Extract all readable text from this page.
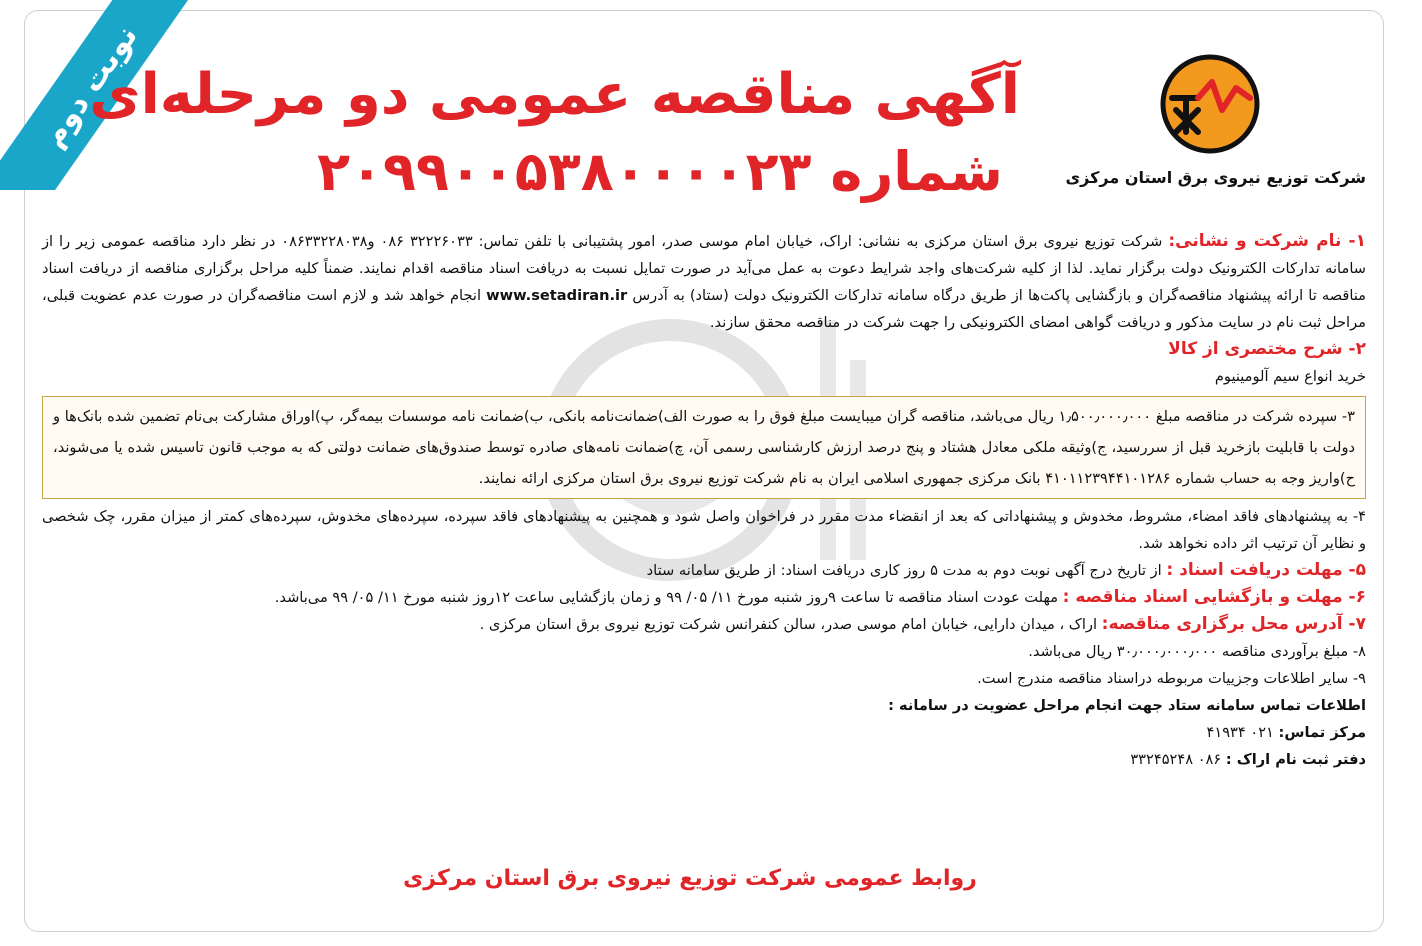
نوبت دوم
شرکت توزیع نیروی برق استان مرکزی
آگهی مناقصه عمومی دو مرحله‌ای
شماره ۲۰۹۹۰۰۵۳۸۰۰۰۰۲۳

۱- نام شرکت و نشانی: شرکت توزیع نیروی برق استان مرکزی به نشانی: اراک، خیابان امام موسی صدر، امور پشتیبانی با تلفن تماس: ۳۲۲۲۶۰۳۳ ۰۸۶ و۰۸۶۳۳۲۲۸۰۳۸ در نظر دارد مناقصه عمومی زیر را از سامانه تدارکات الکترونیک دولت برگزار نماید. لذا از کلیه شرکت‌های واجد شرایط دعوت به عمل می‌آید در صورت تمایل نسبت به دریافت اسناد مناقصه اقدام نمایند. ضمناً کلیه مراحل برگزاری مناقصه از دریافت اسناد مناقصه تا ارائه پیشنهاد مناقصه‌گران و بازگشایی پاکت‌ها از طریق درگاه سامانه تدارکات الکترونیک دولت (ستاد) به آدرس www.setadiran.ir انجام خواهد شد و لازم است مناقصه‌گران در صورت عدم عضویت قبلی، مراحل ثبت نام در سایت مذکور و دریافت گواهی امضای الکترونیکی را جهت شرکت در مناقصه محقق سازند.

۲- شرح مختصری از کالا

خرید انواع سیم آلومینیوم

۳- سپرده شرکت در مناقصه مبلغ ۱٫۵۰۰٫۰۰۰٫۰۰۰ ریال می‌باشد، مناقصه گران میبایست مبلغ فوق را به صورت الف)ضمانت‌نامه بانکی، ب)ضمانت نامه موسسات بیمه‌گر، پ)اوراق مشارکت بی‌نام تضمین شده بانک‌ها و دولت با قابلیت بازخرید قبل از سررسید، ج)وثیقه ملکی معادل هشتاد و پنج درصد ارزش کارشناسی رسمی آن، چ)ضمانت نامه‌های صادره توسط صندوق‌های ضمانت دولتی که به موجب قانون تاسیس شده یا می‌شوند، ح)واریز وجه به حساب شماره ۴۱۰۱۱۲۳۹۴۴۱۰۱۲۸۶ بانک مرکزی جمهوری اسلامی ایران به نام شرکت توزیع نیروی برق استان مرکزی ارائه نمایند.

۴- به پیشنهادهای فاقد امضاء، مشروط، مخدوش و پیشنهاداتی که بعد از انقضاء مدت مقرر در فراخوان واصل شود و همچنین به پیشنهادهای فاقد سپرده، سپرده‌های مخدوش، سپرده‌های کمتر از میزان مقرر، چک شخصی و نظایر آن ترتیب اثر داده نخواهد شد.

۵- مهلت دریافت اسناد : از تاریخ درج آگهی نوبت دوم به مدت ۵ روز کاری دریافت اسناد: از طریق سامانه ستاد

۶- مهلت و بازگشایی اسناد مناقصه : مهلت عودت اسناد مناقصه تا ساعت ۹روز شنبه مورخ ۱۱/ ۰۵/ ۹۹ و زمان بازگشایی ساعت ۱۲روز شنبه مورخ ۱۱/ ۰۵/ ۹۹ می‌باشد.

۷- آدرس محل برگزاری مناقصه: اراک ، میدان دارایی، خیابان امام موسی صدر، سالن کنفرانس شرکت توزیع نیروی برق استان مرکزی .

۸- مبلغ برآوردی مناقصه ۳۰٫۰۰۰٫۰۰۰٫۰۰۰ ریال می‌باشد.

۹- سایر اطلاعات وجزییات مربوطه دراسناد مناقصه مندرج است.

اطلاعات تماس سامانه ستاد جهت انجام مراحل عضویت در سامانه :

مرکز تماس: ۰۲۱ ۴۱۹۳۴

دفتر ثبت نام اراک : ۰۸۶ ۳۳۲۴۵۲۴۸

روابط عمومی شرکت توزیع نیروی برق استان مرکزی
